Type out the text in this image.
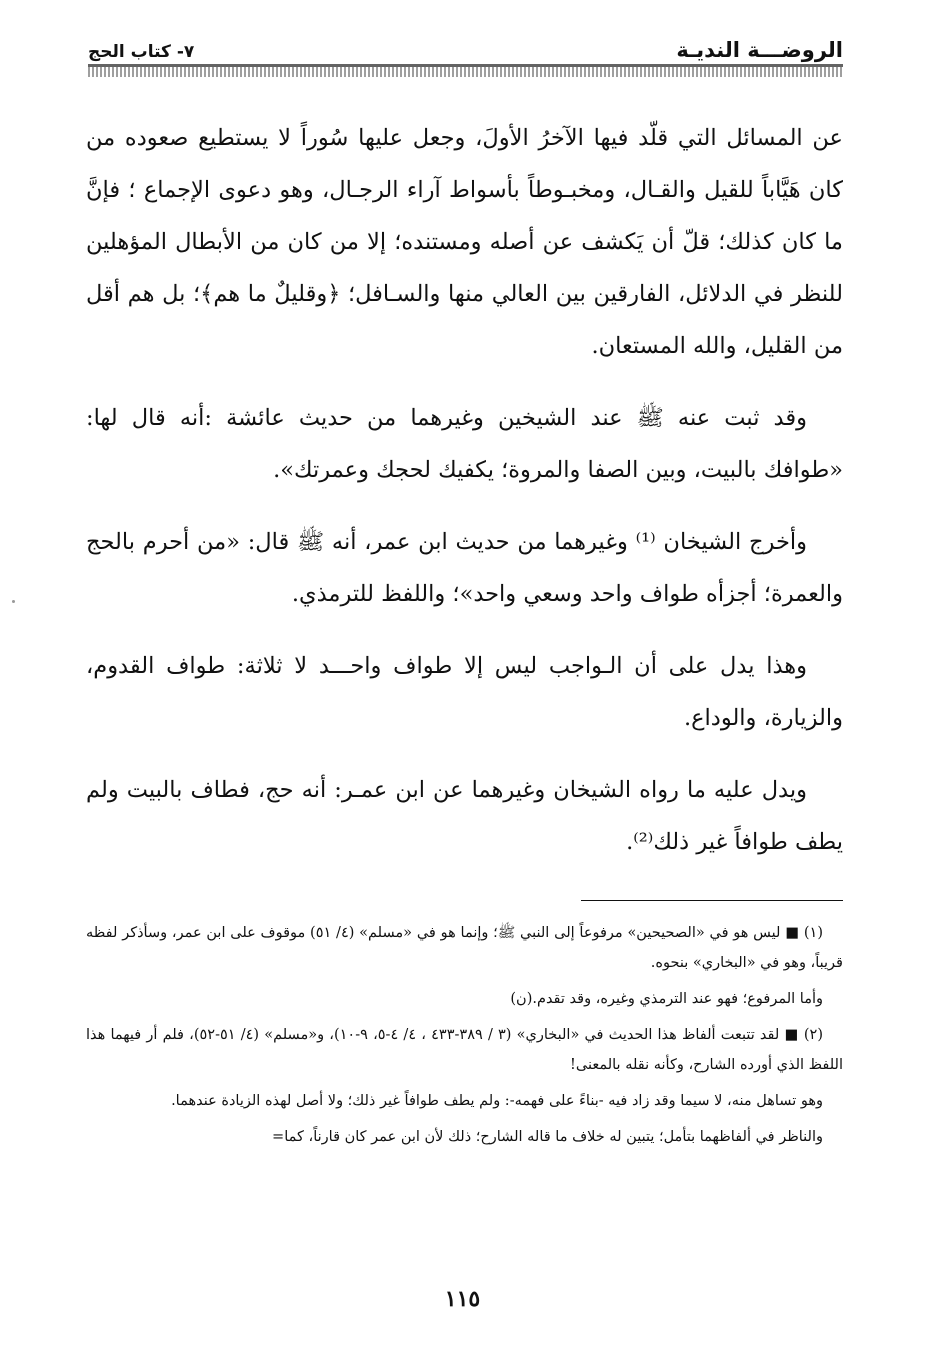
الروضـــة النديـة
٧- كتاب الحج

عن المسائل التي قلّد فيها الآخرُ الأولَ، وجعل عليها سُوراً لا يستطيع صعوده من كان هَيَّاباً للقيل والقـال، ومخبـوطاً بأسواط آراء الرجـال، وهو دعوى الإجماع ؛ فإنَّ ما كان كذلك؛ قلّ أن يَكشف عن أصله ومستنده؛ إلا من كان من الأبطال المؤهلين للنظر في الدلائل، الفارقين بين العالي منها والسـافل؛ ﴿وقليلٌ ما هم﴾؛ بل هم أقل من القليل، والله المستعان.

وقد ثبت عنه ﷺ عند الشيخين وغيرهما من حديث عائشة :أنه قال لها: «طوافك بالبيت، وبين الصفا والمروة؛ يكفيك لحجك وعمرتك».

وأخرج الشيخان ⁽¹⁾ وغيرهما من حديث ابن عمر، أنه ﷺ قال: «من أحرم بالحج والعمرة؛ أجزأه طواف واحد وسعي واحد»؛ واللفظ للترمذي.

وهذا يدل على أن الـواجب ليس إلا طواف واحـــد لا ثلاثة: طواف القدوم، والزيارة، والوداع.

ويدل عليه ما رواه الشيخان وغيرهما عن ابن عمـر: أنه حج، فطاف بالبيت ولم يطف طوافاً غير ذلك⁽²⁾.

(١) ■ ليس هو في «الصحيحين» مرفوعاً إلى النبي ﷺ؛ وإنما هو في «مسلم» (٤/ ٥١) موقوف على ابن عمر، وسأذكر لفظه قريباً، وهو في «البخاري» بنحوه.

وأما المرفوع؛ فهو عند الترمذي وغيره، وقد تقدم.(ن)

(٢) ■ لقد تتبعت ألفاظ هذا الحديث في «البخاري» (٣ / ٣٨٩-٤٣٣ ، ٤/ ٤-٥، ٩-١٠)، و«مسلم» (٤/ ٥١-٥٢)، فلم أر فيهما هذا اللفظ الذي أورده الشارح، وكأنه نقله بالمعنى!

وهو تساهل منه، لا سيما وقد زاد فيه -بناءً على فهمه-: ولم يطف طوافاً غير ذلك؛ ولا أصل لهذه الزيادة عندهما.

والناظر في ألفاظهما بتأمل؛ يتبين له خلاف ما قاله الشارح؛ ذلك لأن ابن عمر كان قارناً، كما=

١١٥
